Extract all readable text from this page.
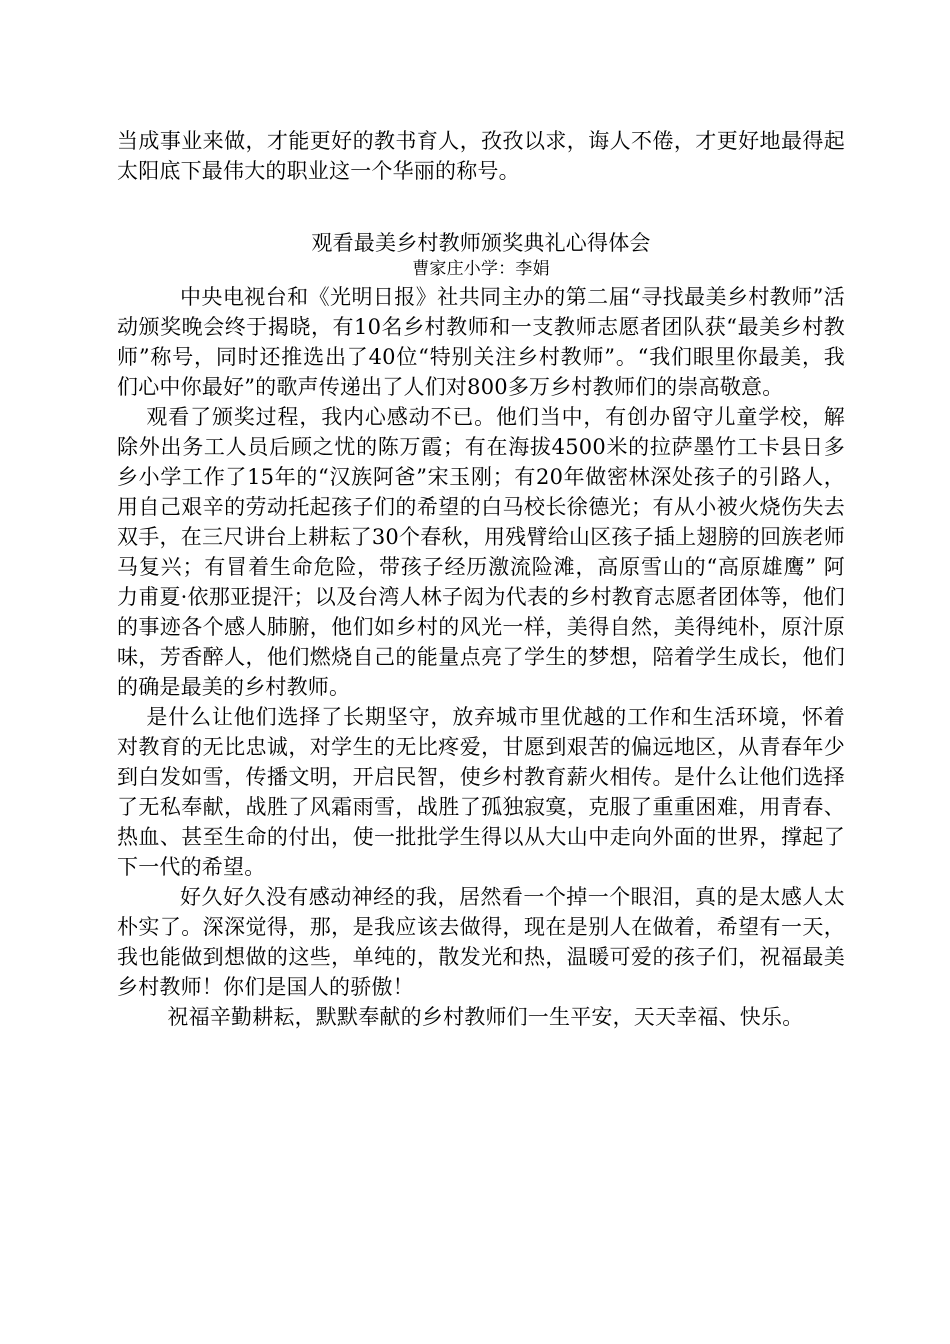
当成事业来做，才能更好的教书育人，孜孜以求，诲人不倦，才更好地最得起太阳底下最伟大的职业这一个华丽的称号。

观看最美乡村教师颁奖典礼心得体会

曹家庄小学：李娟

中央电视台和《光明日报》社共同主办的第二届“寻找最美乡村教师”活动颁奖晚会终于揭晓，有10名乡村教师和一支教师志愿者团队获“最美乡村教师”称号，同时还推选出了40位“特别关注乡村教师”。“我们眼里你最美，我们心中你最好”的歌声传递出了人们对800多万乡村教师们的崇高敬意。

观看了颁奖过程，我内心感动不已。他们当中，有创办留守儿童学校，解除外出务工人员后顾之忧的陈万霞；有在海拔4500米的拉萨墨竹工卡县日多乡小学工作了15年的“汉族阿爸”宋玉刚；有20年做密林深处孩子的引路人，用自己艰辛的劳动托起孩子们的希望的白马校长徐德光；有从小被火烧伤失去双手，在三尺讲台上耕耘了30个春秋，用残臂给山区孩子插上翅膀的回族老师马复兴；有冒着生命危险，带孩子经历激流险滩，高原雪山的“高原雄鹰” 阿力甫夏·依那亚提汗；以及台湾人林子闳为代表的乡村教育志愿者团体等，他们的事迹各个感人肺腑，他们如乡村的风光一样，美得自然，美得纯朴，原汁原味，芳香醉人，他们燃烧自己的能量点亮了学生的梦想，陪着学生成长，他们的确是最美的乡村教师。

是什么让他们选择了长期坚守，放弃城市里优越的工作和生活环境，怀着对教育的无比忠诚，对学生的无比疼爱，甘愿到艰苦的偏远地区，从青春年少到白发如雪，传播文明，开启民智，使乡村教育薪火相传。是什么让他们选择了无私奉献，战胜了风霜雨雪，战胜了孤独寂寞，克服了重重困难，用青春、热血、甚至生命的付出，使一批批学生得以从大山中走向外面的世界，撑起了下一代的希望。

好久好久没有感动神经的我，居然看一个掉一个眼泪，真的是太感人太朴实了。深深觉得，那，是我应该去做得，现在是别人在做着，希望有一天，我也能做到想做的这些，单纯的，散发光和热，温暖可爱的孩子们，祝福最美乡村教师！你们是国人的骄傲！

祝福辛勤耕耘，默默奉献的乡村教师们一生平安，天天幸福、快乐。
